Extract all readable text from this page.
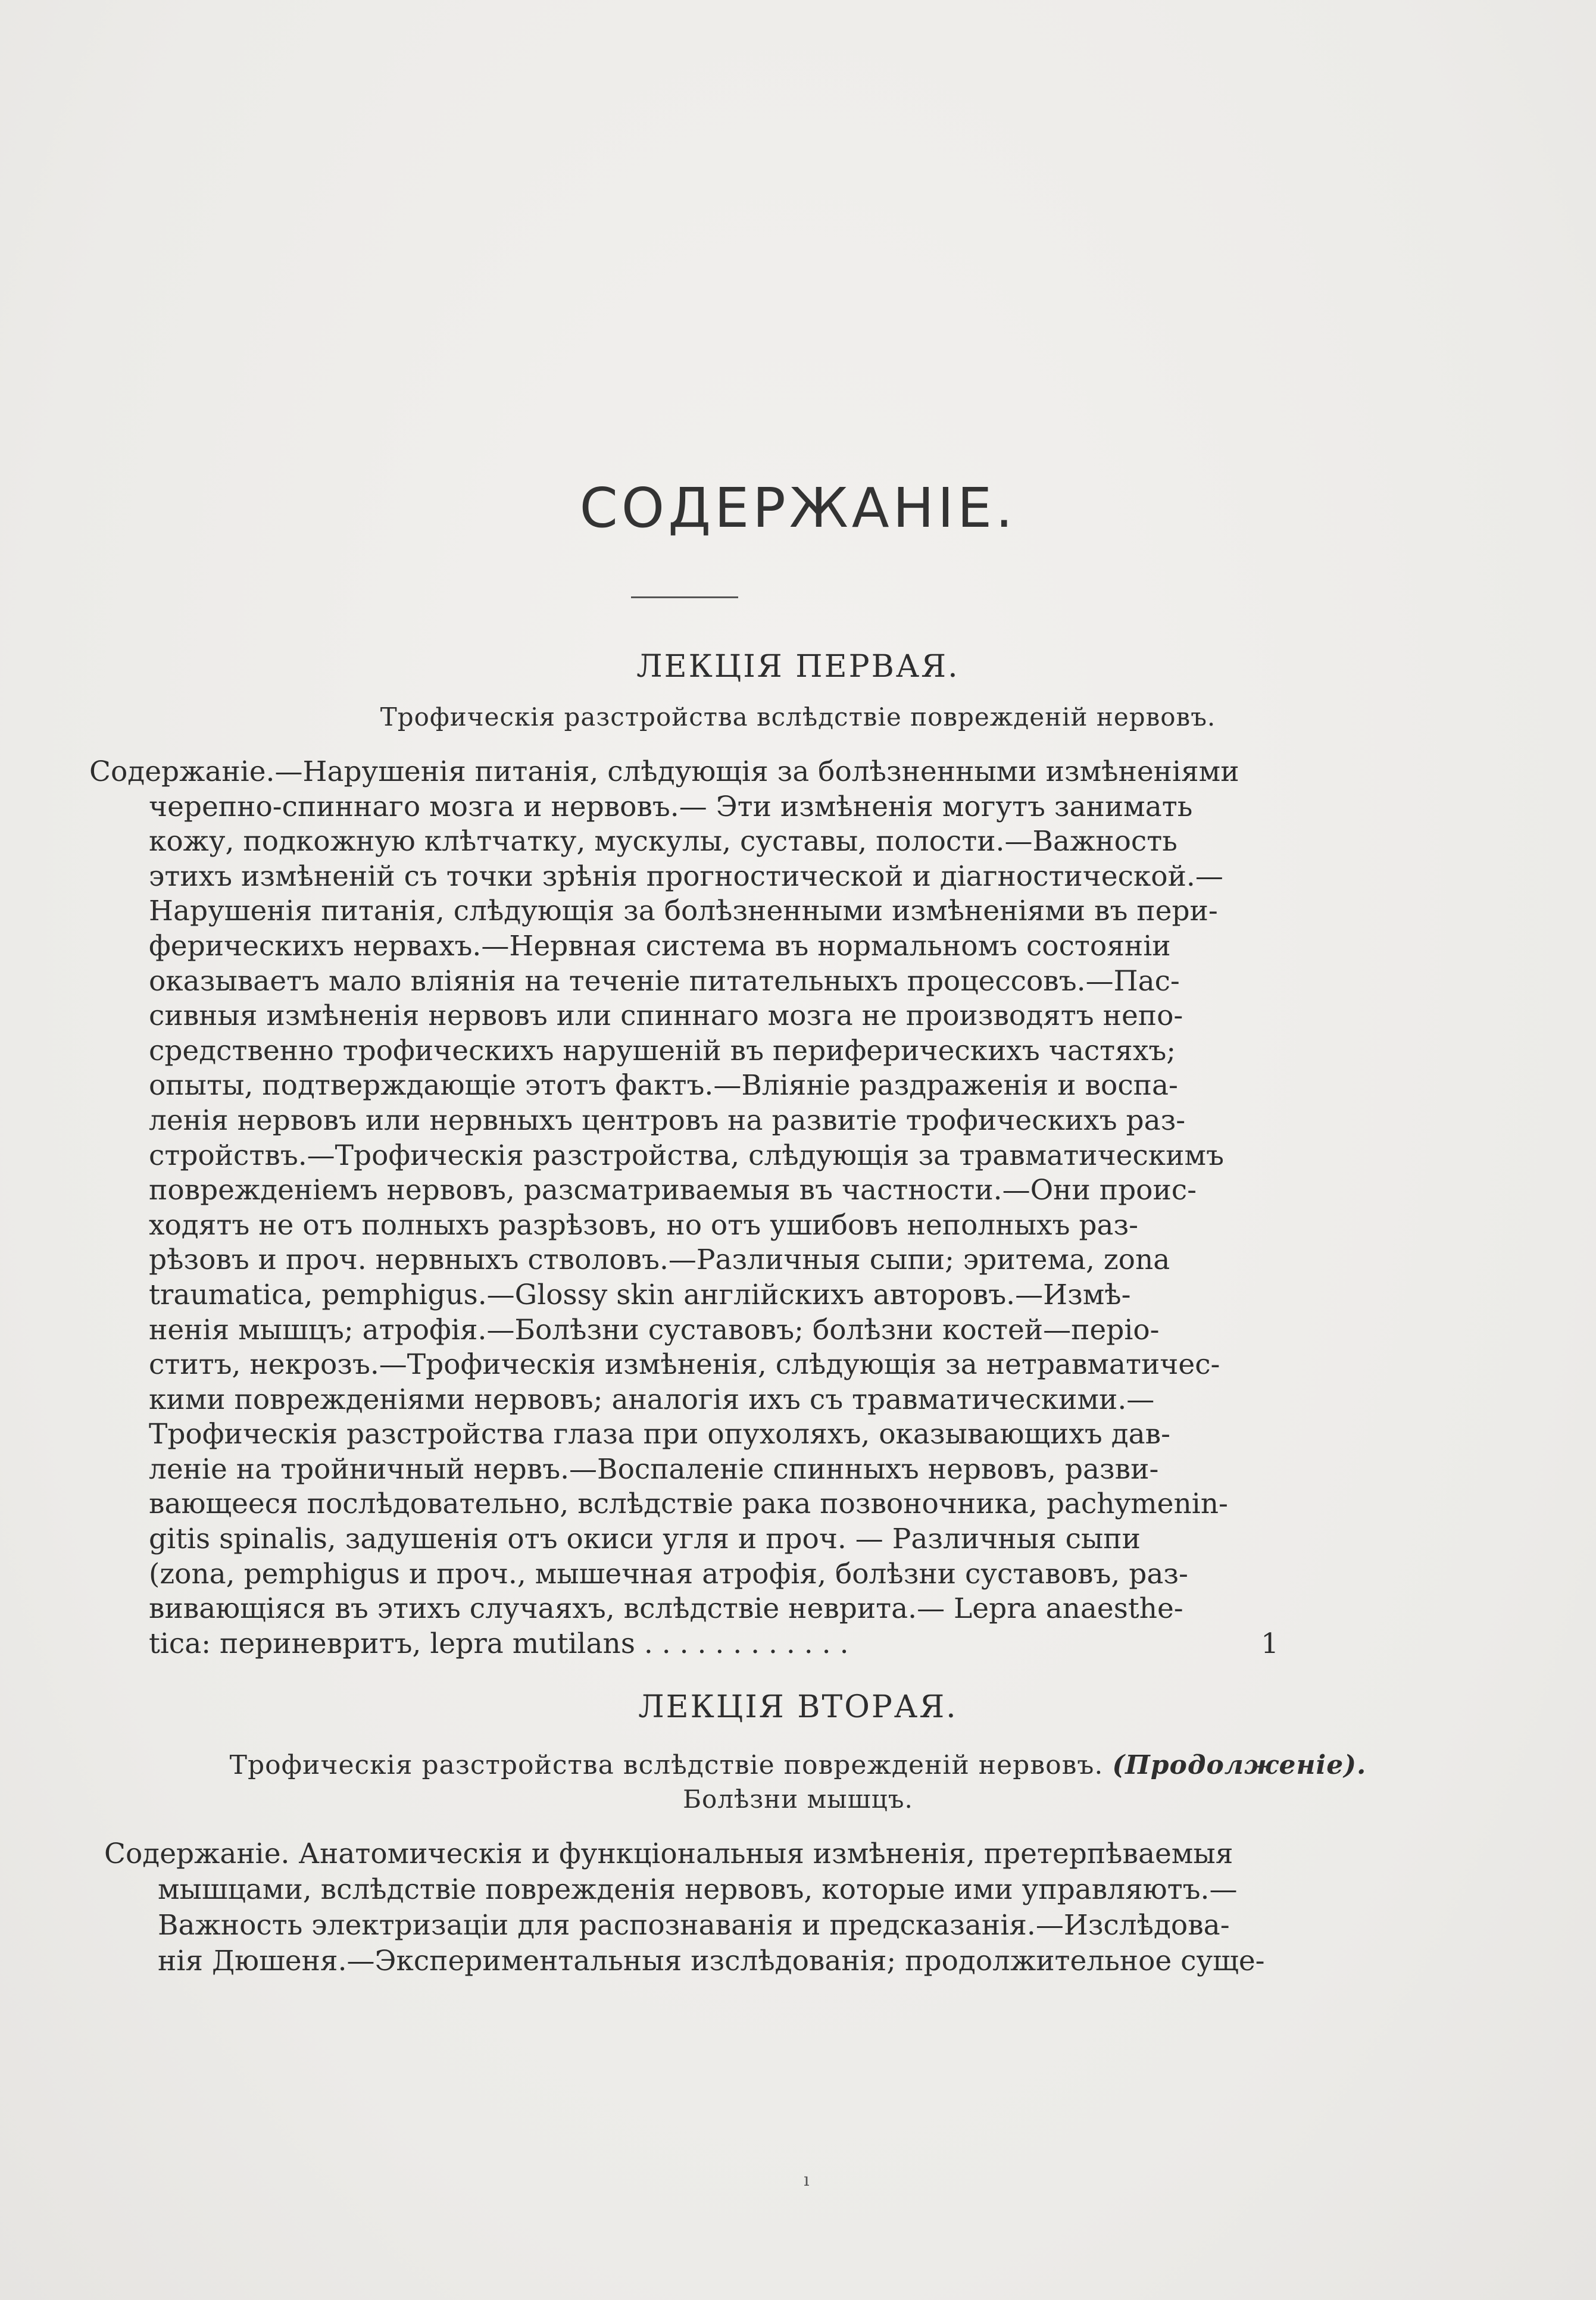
СОДЕРЖАНІЕ.
ЛЕКЦІЯ ПЕРВАЯ.
Трофическія разстройства вслѣдствіе поврежденій нервовъ.
Содержаніе.—Нарушенія питанія, слѣдующія за болѣзненными измѣненіями
черепно-спиннаго мозга и нервовъ.— Эти измѣненія могутъ занимать
кожу, подкожную клѣтчатку, мускулы, суставы, полости.—Важность
этихъ измѣненій съ точки зрѣнія прогностической и діагностической.—
Нарушенія питанія, слѣдующія за болѣзненными измѣненіями въ пери-
ферическихъ нервахъ.—Нервная система въ нормальномъ состояніи
оказываетъ мало вліянія на теченіе питательныхъ процессовъ.—Пас-
сивныя измѣненія нервовъ или спиннаго мозга не производятъ непо-
средственно трофическихъ нарушеній въ периферическихъ частяхъ;
опыты, подтверждающіе этотъ фактъ.—Вліяніе раздраженія и воспа-
ленія нервовъ или нервныхъ центровъ на развитіе трофическихъ раз-
стройствъ.—Трофическія разстройства, слѣдующія за травматическимъ
поврежденіемъ нервовъ, разсматриваемыя въ частности.—Они проис-
ходятъ не отъ полныхъ разрѣзовъ, но отъ ушибовъ неполныхъ раз-
рѣзовъ и проч. нервныхъ стволовъ.—Различныя сыпи; эритема, zona
traumatica, pemphigus.—Glossy skin англійскихъ авторовъ.—Измѣ-
ненія мышцъ; атрофія.—Болѣзни суставовъ; болѣзни костей—періо-
ститъ, некрозъ.—Трофическія измѣненія, слѣдующія за нетравматичес-
кими поврежденіями нервовъ; аналогія ихъ съ травматическими.—
Трофическія разстройства глаза при опухоляхъ, оказывающихъ дав-
леніе на тройничный нервъ.—Воспаленіе спинныхъ нервовъ, разви-
вающееся послѣдовательно, вслѣдствіе рака позвоночника, pachymenin-
gitis spinalis, задушенія отъ окиси угля и проч. — Различныя сыпи
(zona, pemphigus и проч., мышечная атрофія, болѣзни суставовъ, раз-
вивающіяся въ этихъ случаяхъ, вслѣдствіе неврита.— Lepra anaesthe-
tica: периневритъ, lepra mutilans . . . . . . . . . . . .	1
ЛЕКЦІЯ ВТОРАЯ.
Трофическія разстройства вслѣдствіе поврежденій нервовъ. (Продолженіе).
Болѣзни мышцъ.
Содержаніе. Анатомическія и функціональныя измѣненія, претерпѣваемыя
мышцами, вслѣдствіе поврежденія нервовъ, которые ими управляютъ.—
Важность электризаціи для распознаванія и предсказанія.—Изслѣдова-
нія Дюшеня.—Экспериментальныя изслѣдованія; продолжительное суще-
ı
